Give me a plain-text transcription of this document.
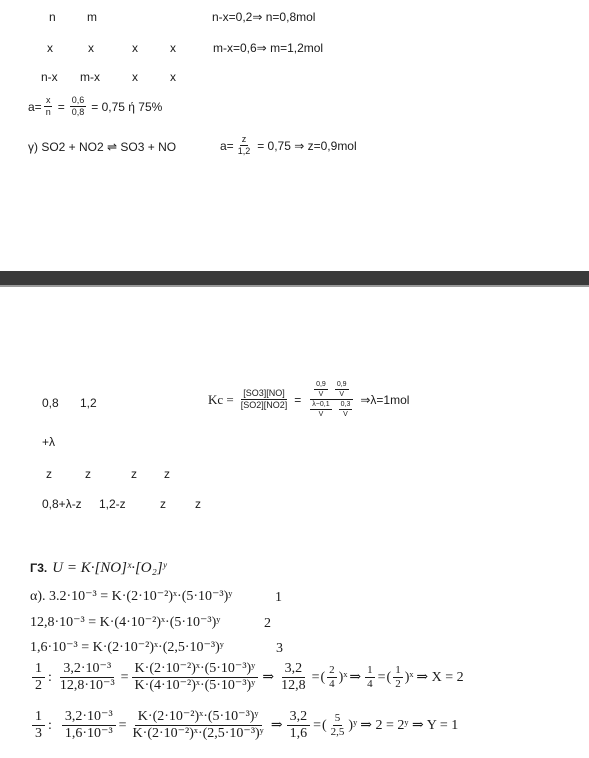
n	m	n-x=0,2⇒ n=0,8mol
x	x	x	x	m-x=0,6⇒ m=1,2mol
n-x m-x	x	x
$a= \frac{x}{n} = \frac{0,6}{0,8} = 0,75$ ή 75%
γ) SO2 + NO2 ⇌ SO3 + NO	$a= \frac{z}{1,2} = 0,75$ ⇒ z=0,9mol
0,8 1,2	$Kc = \frac{[SO3][NO]}{[SO2][NO2]}$ =
$\frac{0,9}{V} \frac{0,9}{V}$
$\frac{\lambda-0,1}{V} \frac{0,3}{V}$
⇒λ=1mol
+λ
z	z	z z
0,8+λ-z 1,2-z	z z
Γ3. U = K·[NO]ˣ·[O₂]ʸ
α). 3.2·10⁻³ = K·(2·10⁻²)ˣ·(5·10⁻³)ʸ	1
12,8·10⁻³ = K·(4·10⁻²)ˣ·(5·10⁻³)ʸ	2
1,6·10⁻³ = K·(2·10⁻²)ˣ·(2,5·10⁻³)ʸ	3
$\frac{1}{2}$ : $\frac{\text{3,2·10⁻³}}{\text{12,8·10⁻³}} = \frac{\text{K·(2·10⁻²)ˣ·(5·10⁻³)ʸ}}{\text{K·(4·10⁻²)ˣ·(5·10⁻³)ʸ}}$ ⇒ $\frac{3,2}{12,8}$ = ( $\frac{2}{4}$ )ˣ ⇒ $\frac{1}{4}$ = ( $\frac{1}{2}$ )ˣ ⇒ X = 2
$\frac{1}{3}$ : $\frac{\text{3,2·10⁻³}}{\text{1,6·10⁻³}} = \frac{\text{K·(2·10⁻²)ˣ·(5·10⁻³)ʸ}}{\text{K·(2·10⁻²)ˣ·(2,5·10⁻³)ʸ}}$ ⇒ $\frac{3,2}{1,6}$ = ( $\frac{5}{2,5}$ )ʸ ⇒ 2 = 2ʸ ⇒ Y = 1
